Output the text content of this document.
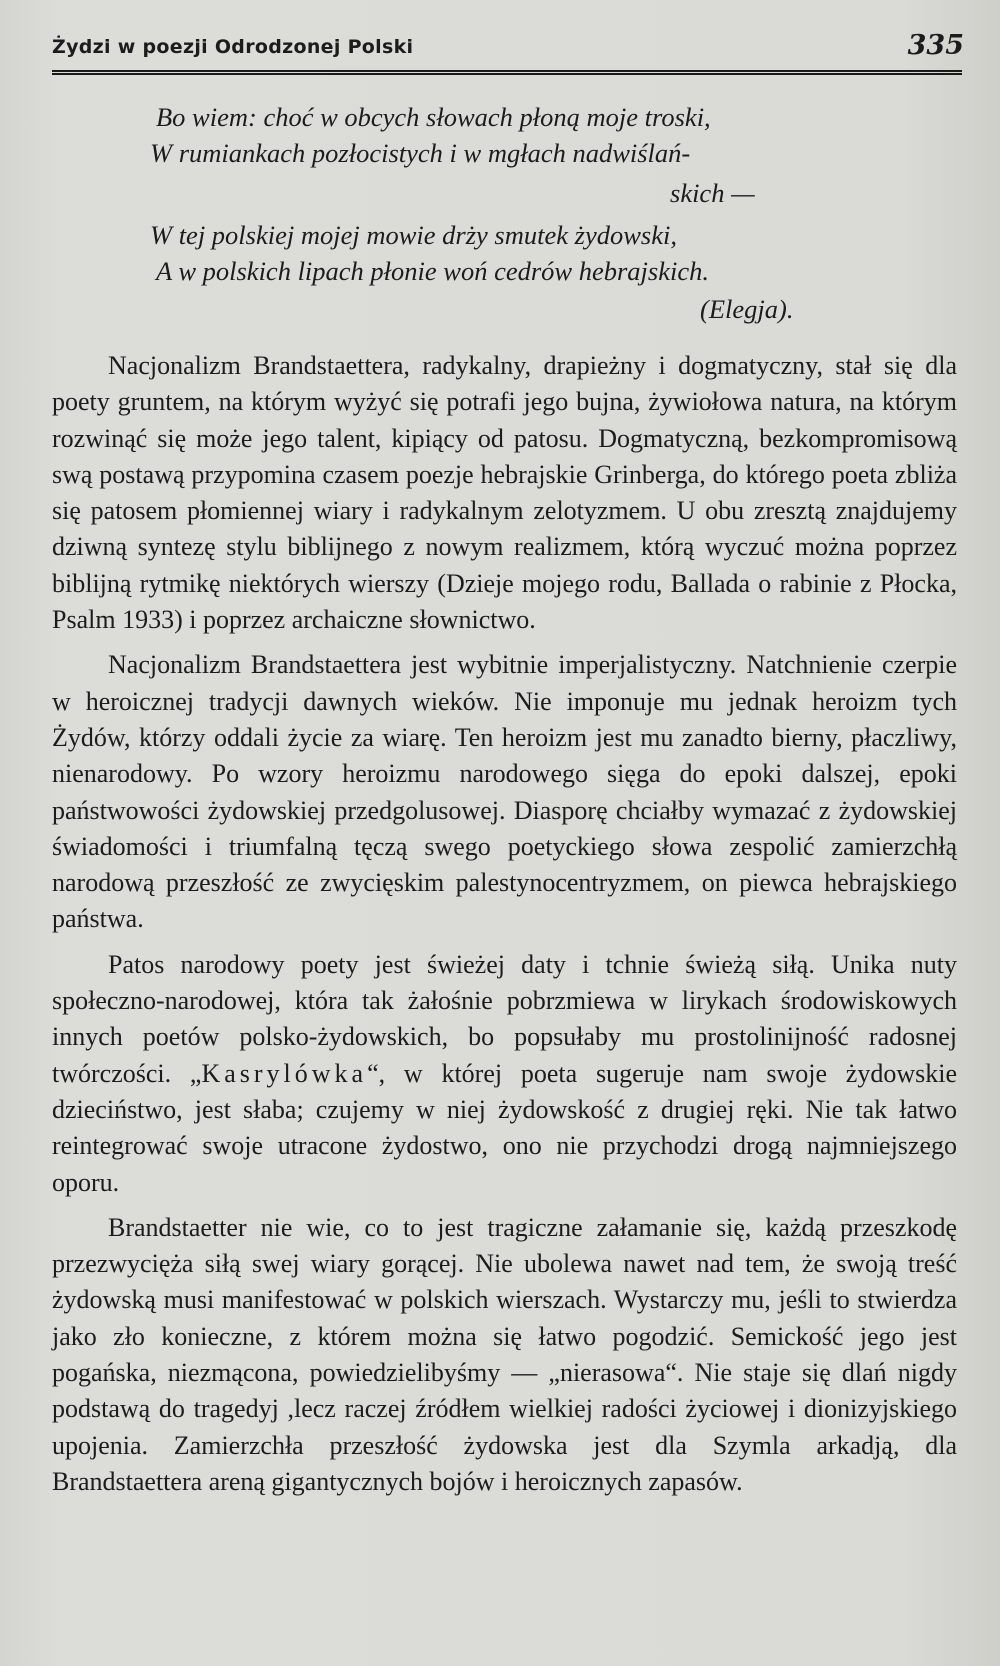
Żydzi w poezji Odrodzonej Polski	335
Bo wiem: choć w obcych słowach płoną moje troski,
W rumiankach pozłocistych i w mgłach nadwiślań-
skich —
W tej polskiej mojej mowie drży smutek żydowski,
A w polskich lipach płonie woń cedrów hebrajskich.
(Elegja).

Nacjonalizm Brandstaettera, radykalny, drapieżny i dogmatyczny, stał się dla poety gruntem, na którym wyżyć się potrafi jego bujna, żywiołowa natura, na którym rozwinąć się może jego talent, kipiący od patosu. Dogmatyczną, bezkompromisową swą postawą przypomina czasem poezje hebrajskie Grinberga, do którego poeta zbliża się patosem płomiennej wiary i radykalnym zelotyzmem. U obu zresztą znajdujemy dziwną syntezę stylu biblijnego z nowym realizmem, którą wyczuć można poprzez biblijną rytmikę niektórych wierszy (Dzieje mojego rodu, Ballada o rabinie z Płocka, Psalm 1933) i poprzez archaiczne słownictwo.

Nacjonalizm Brandstaettera jest wybitnie imperjalistyczny. Natchnienie czerpie w heroicznej tradycji dawnych wieków. Nie imponuje mu jednak heroizm tych Żydów, którzy oddali życie za wiarę. Ten heroizm jest mu zanadto bierny, płaczliwy, nienarodowy. Po wzory heroizmu narodowego sięga do epoki dalszej, epoki państwowości żydowskiej przedgolusowej. Diasporę chciałby wymazać z żydowskiej świadomości i triumfalną tęczą swego poetyckiego słowa zespolić zamierzchłą narodową przeszłość ze zwycięskim palestynocentryzmem, on piewca hebrajskiego państwa.

Patos narodowy poety jest świeżej daty i tchnie świeżą siłą. Unika nuty społeczno-narodowej, która tak żałośnie pobrzmiewa w lirykach środowiskowych innych poetów polsko-żydowskich, bo popsułaby mu prostolinijność radosnej twórczości. „Kasrylówka“, w której poeta sugeruje nam swoje żydowskie dzieciństwo, jest słaba; czujemy w niej żydowskość z drugiej ręki. Nie tak łatwo reintegrować swoje utracone żydostwo, ono nie przychodzi drogą najmniejszego oporu.

Brandstaetter nie wie, co to jest tragiczne załamanie się, każdą przeszkodę przezwycięża siłą swej wiary gorącej. Nie ubolewa nawet nad tem, że swoją treść żydowską musi manifestować w polskich wierszach. Wystarczy mu, jeśli to stwierdza jako zło konieczne, z którem można się łatwo pogodzić. Semickość jego jest pogańska, niezmącona, powiedzielibyśmy — „nierasowa“. Nie staje się dlań nigdy podstawą do tragedyj ,lecz raczej źródłem wielkiej radości życiowej i dionizyjskiego upojenia. Zamierzchła przeszłość żydowska jest dla Szymla arkadją, dla Brandstaettera areną gigantycznych bojów i heroicznych zapasów.
